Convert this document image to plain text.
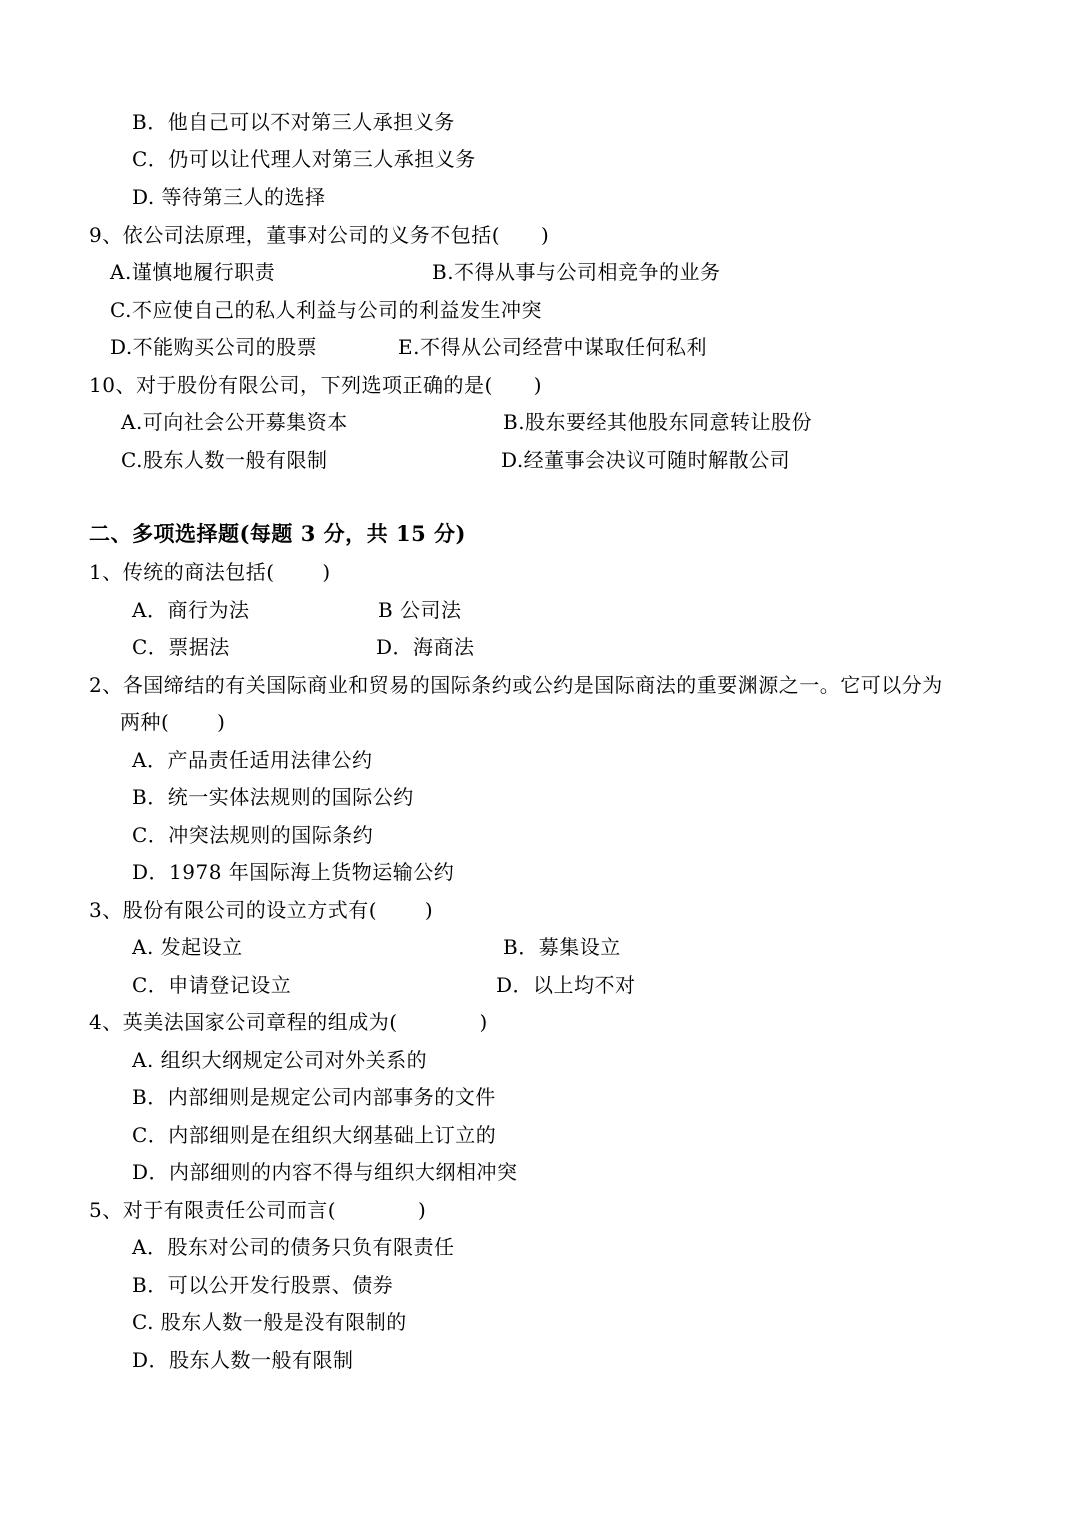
B．他自己可以不对第三人承担义务
C．仍可以让代理人对第三人承担义务
D. 等待第三人的选择
9、依公司法原理，董事对公司的义务不包括(　　)
A.谨慎地履行职责	B.不得从事与公司相竞争的业务
C.不应使自己的私人利益与公司的利益发生冲突
D.不能购买公司的股票	E.不得从公司经营中谋取任何私利
10、对于股份有限公司，下列选项正确的是(　　)
A.可向社会公开募集资本	B.股东要经其他股东同意转让股份
C.股东人数一般有限制	D.经董事会决议可随时解散公司
二、多项选择题(每题 3 分，共 15 分)
1、传统的商法包括(　　 )
A．商行为法	B 公司法
C．票据法	D．海商法
2、各国缔结的有关国际商业和贸易的国际条约或公约是国际商法的重要渊源之一。它可以分为
两种(　　 )
A．产品责任适用法律公约
B．统一实体法规则的国际公约
C．冲突法规则的国际条约
D．1978 年国际海上货物运输公约
3、股份有限公司的设立方式有(　　 )
A. 发起设立	B．募集设立
C．申请登记设立	D．以上均不对
4、英美法国家公司章程的组成为(　　　　)
A. 组织大纲规定公司对外关系的
B．内部细则是规定公司内部事务的文件
C．内部细则是在组织大纲基础上订立的
D．内部细则的内容不得与组织大纲相冲突
5、对于有限责任公司而言(　　　　)
A．股东对公司的债务只负有限责任
B．可以公开发行股票、债券
C. 股东人数一般是没有限制的
D．股东人数一般有限制
